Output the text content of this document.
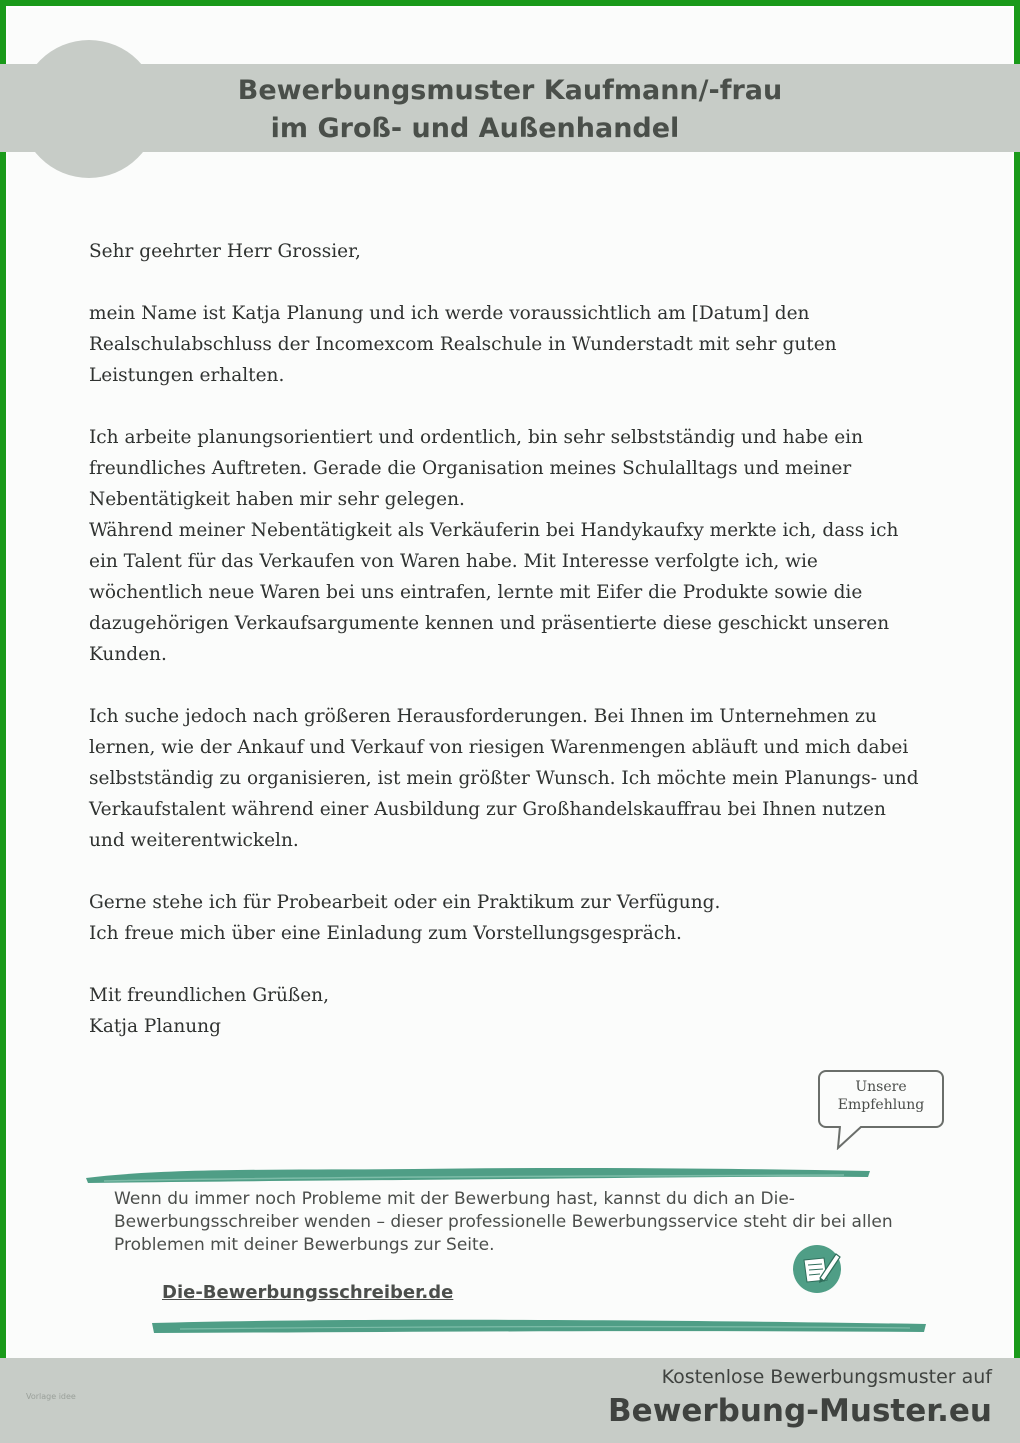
Bewerbungsmuster Kaufmann/-frau

im Groß- und Außenhandel

Sehr geehrter Herr Grossier,

mein Name ist Katja Planung und ich werde voraussichtlich am [Datum] den Realschulabschluss der Incomexcom Realschule in Wunderstadt mit sehr guten Leistungen erhalten.

Ich arbeite planungsorientiert und ordentlich, bin sehr selbstständig und habe ein freundliches Auftreten. Gerade die Organisation meines Schulalltags und meiner Nebentätigkeit haben mir sehr gelegen.

Während meiner Nebentätigkeit als Verkäuferin bei Handykaufxy merkte ich, dass ich ein Talent für das Verkaufen von Waren habe. Mit Interesse verfolgte ich, wie wöchentlich neue Waren bei uns eintrafen, lernte mit Eifer die Produkte sowie die dazugehörigen Verkaufsargumente kennen und präsentierte diese geschickt unseren Kunden.

Ich suche jedoch nach größeren Herausforderungen. Bei Ihnen im Unternehmen zu lernen, wie der Ankauf und Verkauf von riesigen Warenmengen abläuft und mich dabei selbstständig zu organisieren, ist mein größter Wunsch. Ich möchte mein Planungs- und Verkaufstalent während einer Ausbildung zur Großhandelskauffrau bei Ihnen nutzen und weiterentwickeln.

Gerne stehe ich für Probearbeit oder ein Praktikum zur Verfügung.
Ich freue mich über eine Einladung zum Vorstellungsgespräch.

Mit freundlichen Grüßen,
Katja Planung

Unsere
Empfehlung
Wenn du immer noch Probleme mit der Bewerbung hast, kannst du dich an Die-Bewerbungsschreiber wenden – dieser professionelle Bewerbungsservice steht dir bei allen Problemen mit deiner Bewerbungs zur Seite.
Die-Bewerbungsschreiber.de
Vorlage idee
Kostenlose Bewerbungsmuster auf
Bewerbung-Muster.eu
